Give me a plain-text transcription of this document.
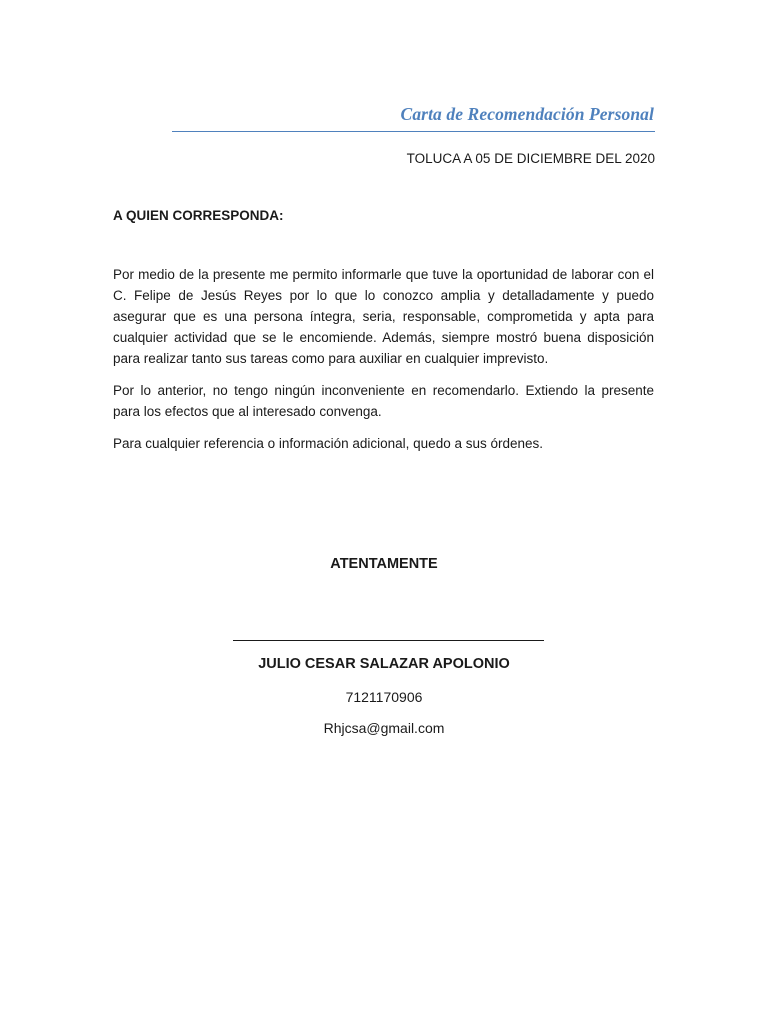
Carta de Recomendación Personal
TOLUCA A 05 DE DICIEMBRE DEL 2020
A QUIEN CORRESPONDA:

Por medio de la presente me permito informarle que tuve la oportunidad de laborar con el C. Felipe de Jesús Reyes por lo que lo conozco amplia y detalladamente y puedo asegurar que es una persona íntegra, seria, responsable, comprometida y apta para cualquier actividad que se le encomiende. Además, siempre mostró buena disposición para realizar tanto sus tareas como para auxiliar en cualquier imprevisto.

Por lo anterior, no tengo ningún inconveniente en recomendarlo. Extiendo la presente para los efectos que al interesado convenga.

Para cualquier referencia o información adicional, quedo a sus órdenes.

ATENTAMENTE
JULIO CESAR SALAZAR APOLONIO
7121170906
Rhjcsa@gmail.com
